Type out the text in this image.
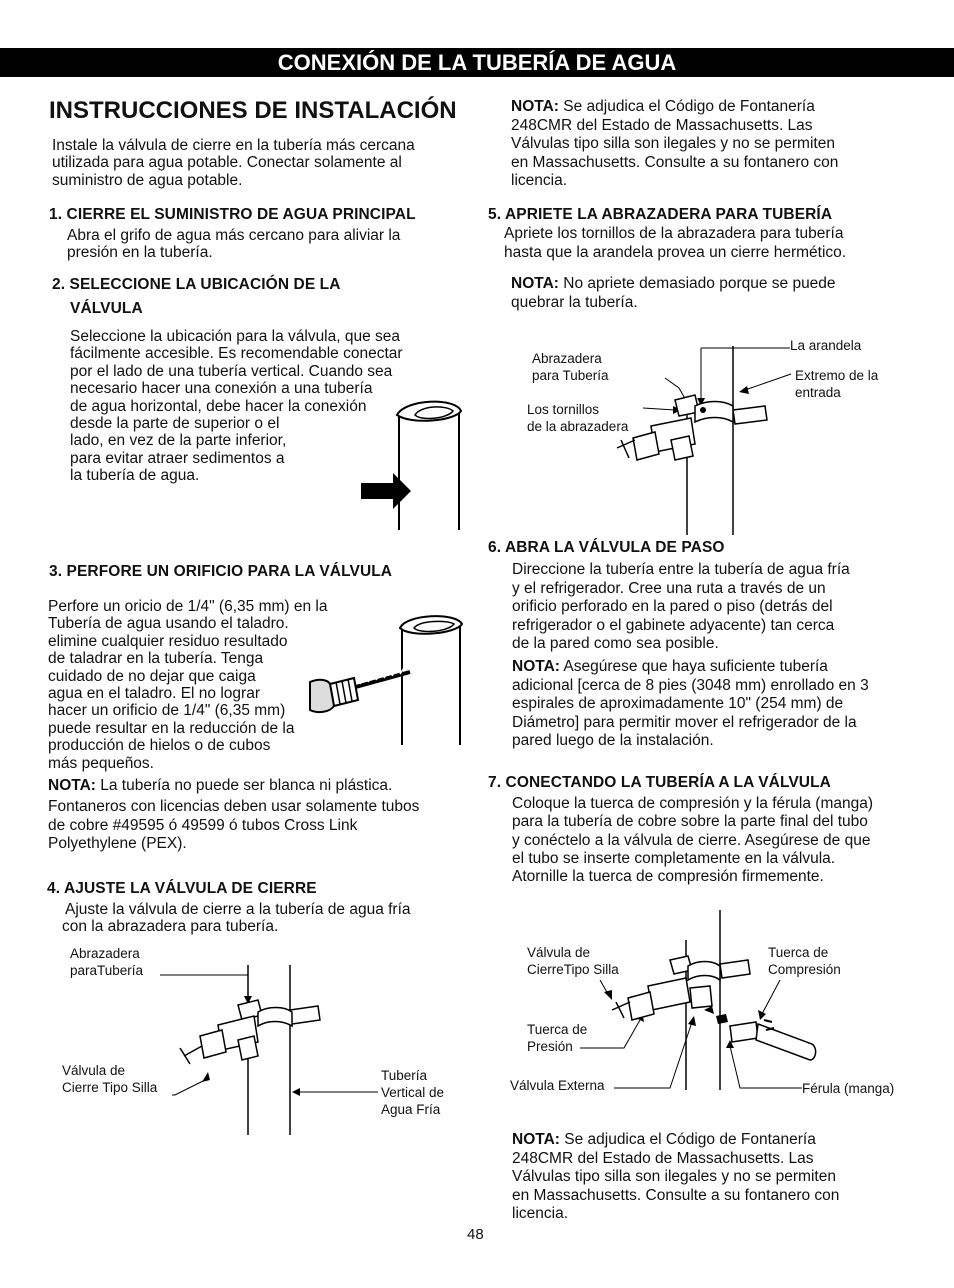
CONEXIÓN DE LA TUBERÍA DE AGUA
INSTRUCCIONES DE INSTALACIÓN
Instale la válvula de cierre en la tubería más cercana
utilizada para agua potable. Conectar solamente al
suministro de agua potable.
1. CIERRE EL SUMINISTRO DE AGUA PRINCIPAL
Abra el grifo de agua más cercano para aliviar la
presión en la tubería.
2. SELECCIONE LA UBICACIÓN DE LA
VÁLVULA
Seleccione la ubicación para la válvula, que sea
fácilmente accesible. Es recomendable conectar
por el lado de una tubería vertical. Cuando sea
necesario hacer una conexión a una tubería
de agua horizontal, debe hacer la conexión
desde la parte de superior o el
lado, en vez de la parte inferior,
para evitar atraer sedimentos a
la tubería de agua.
3. PERFORE UN ORIFICIO PARA LA VÁLVULA
Perfore un oricio de 1/4" (6,35 mm) en la
Tubería de agua usando el taladro.
elimine cualquier residuo resultado
de taladrar en la tubería. Tenga
cuidado de no dejar que caiga
agua en el taladro. El no lograr
hacer un orificio de 1/4" (6,35 mm)
puede resultar en la reducción de la
producción de hielos o de cubos
más pequeños.
NOTA: La tubería no puede ser blanca ni plástica.
Fontaneros con licencias deben usar solamente tubos
de cobre #49595 ó 49599 ó tubos Cross Link
Polyethylene (PEX).
4. AJUSTE LA VÁLVULA DE CIERRE
Ajuste la válvula de cierre a la tubería de agua fría
con la abrazadera para tubería.
Abrazadera
paraTubería
Válvula de
Cierre Tipo Silla
Tubería
Vertical de
Agua Fría
NOTA: Se adjudica el Código de Fontanería
248CMR del Estado de Massachusetts. Las
Válvulas tipo silla son ilegales y no se permiten
en Massachusetts. Consulte a su fontanero con
licencia.
5. APRIETE LA ABRAZADERA PARA TUBERÍA
Apriete los tornillos de la abrazadera para tubería
hasta que la arandela provea un cierre hermético.
NOTA: No apriete demasiado porque se puede
quebrar la tubería.
Abrazadera
para Tubería
Los tornillos
de la abrazadera
La arandela
Extremo de la
entrada
6. ABRA LA VÁLVULA DE PASO
Direccione la tubería entre la tubería de agua fría
y el refrigerador. Cree una ruta a través de un
orificio perforado en la pared o piso (detrás del
refrigerador o el gabinete adyacente) tan cerca
de la pared como sea posible.
NOTA: Asegúrese que haya suficiente tubería
adicional [cerca de 8 pies (3048 mm) enrollado en 3
espirales de aproximadamente 10" (254 mm) de
Diámetro] para permitir mover el refrigerador de la
pared luego de la instalación.
7. CONECTANDO LA TUBERÍA A LA VÁLVULA
Coloque la tuerca de compresión y la férula (manga)
para la tubería de cobre sobre la parte final del tubo
y conéctelo a la válvula de cierre. Asegúrese de que
el tubo se inserte completamente en la válvula.
Atornille la tuerca de compresión firmemente.
Válvula de
CierreTipo Silla
Tuerca de
Presión
Válvula Externa
Tuerca de
Compresión
Férula (manga)
NOTA: Se adjudica el Código de Fontanería
248CMR del Estado de Massachusetts. Las
Válvulas tipo silla son ilegales y no se permiten
en Massachusetts. Consulte a su fontanero con
licencia.
48
